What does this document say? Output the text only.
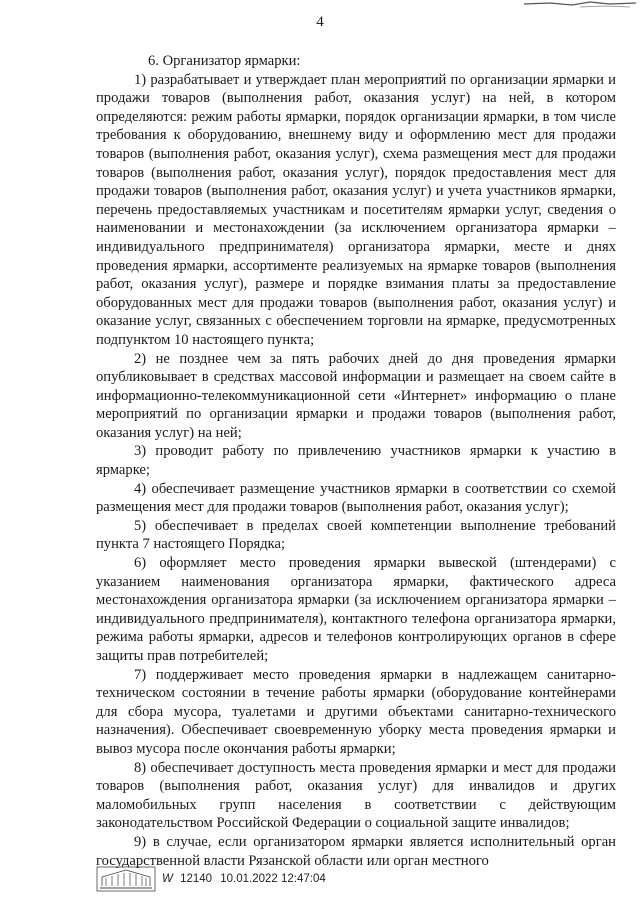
4

6. Организатор ярмарки:

1) разрабатывает и утверждает план мероприятий по организации ярмарки и продажи товаров (выполнения работ, оказания услуг) на ней, в котором определяются: режим работы ярмарки, порядок организации ярмарки, в том числе требования к оборудованию, внешнему виду и оформлению мест для продажи товаров (выполнения работ, оказания услуг), схема размещения мест для продажи товаров (выполнения работ, оказания услуг), порядок предоставления мест для продажи товаров (выполнения работ, оказания услуг) и учета участников ярмарки, перечень предоставляемых участникам и посетителям ярмарки услуг, сведения о наименовании и местонахождении (за исключением организатора ярмарки – индивидуального предпринимателя) организатора ярмарки, месте и днях проведения ярмарки, ассортименте реализуемых на ярмарке товаров (выполнения работ, оказания услуг), размере и порядке взимания платы за предоставление оборудованных мест для продажи товаров (выполнения работ, оказания услуг) и оказание услуг, связанных с обеспечением торговли на ярмарке, предусмотренных подпунктом 10 настоящего пункта;

2) не позднее чем за пять рабочих дней до дня проведения ярмарки опубликовывает в средствах массовой информации и размещает на своем сайте в информационно-телекоммуникационной сети «Интернет» информацию о плане мероприятий по организации ярмарки и продажи товаров (выполнения работ, оказания услуг) на ней;

3) проводит работу по привлечению участников ярмарки к участию в ярмарке;

4) обеспечивает размещение участников ярмарки в соответствии со схемой размещения мест для продажи товаров (выполнения работ, оказания услуг);

5) обеспечивает в пределах своей компетенции выполнение требований пункта 7 настоящего Порядка;

6) оформляет место проведения ярмарки вывеской (штендерами) с указанием наименования организатора ярмарки, фактического адреса местонахождения организатора ярмарки (за исключением организатора ярмарки – индивидуального предпринимателя), контактного телефона организатора ярмарки, режима работы ярмарки, адресов и телефонов контролирующих органов в сфере защиты прав потребителей;

7) поддерживает место проведения ярмарки в надлежащем санитарно-техническом состоянии в течение работы ярмарки (оборудование контейнерами для сбора мусора, туалетами и другими объектами санитарно-технического назначения). Обеспечивает своевременную уборку места проведения ярмарки и вывоз мусора после окончания работы ярмарки;

8) обеспечивает доступность места проведения ярмарки и мест для продажи товаров (выполнения работ, оказания услуг) для инвалидов и других маломобильных групп населения в соответствии с действующим законодательством Российской Федерации о социальной защите инвалидов;

9) в случае, если организатором ярмарки является исполнительный орган государственной власти Рязанской области или орган местного

W 12140 10.01.2022 12:47:04
